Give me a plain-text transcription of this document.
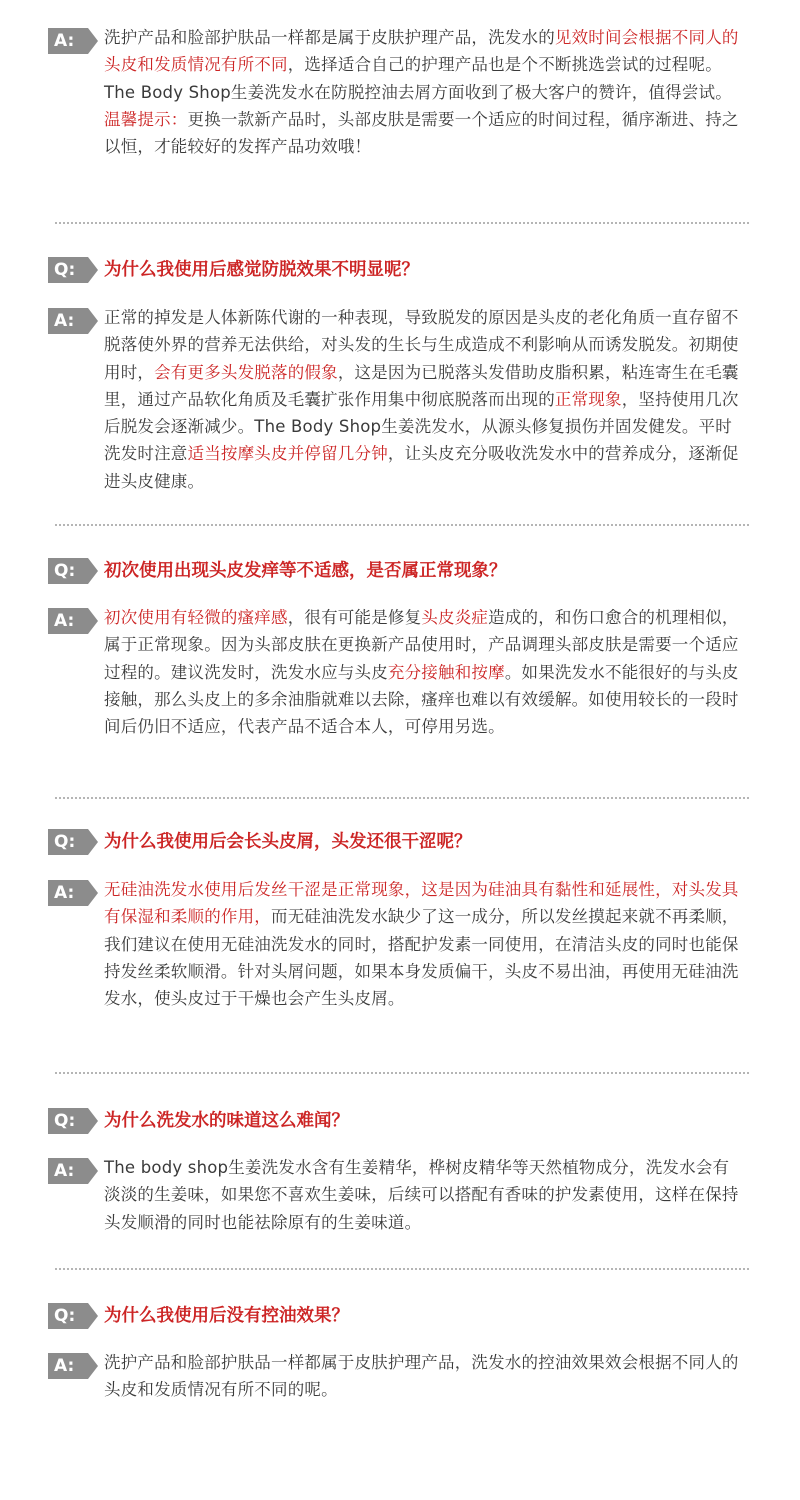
A:	洗护产品和脸部护肤品一样都是属于皮肤护理产品，洗发水的见效时间会根据不同人的头皮和发质情况有所不同，选择适合自己的护理产品也是个不断挑选尝试的过程呢。The Body Shop生姜洗发水在防脱控油去屑方面收到了极大客户的赞许，值得尝试。
温馨提示：更换一款新产品时，头部皮肤是需要一个适应的时间过程，循序渐进、持之以恒，才能较好的发挥产品功效哦！
Q:	为什么我使用后感觉防脱效果不明显呢？
A:	正常的掉发是人体新陈代谢的一种表现，导致脱发的原因是头皮的老化角质一直存留不脱落使外界的营养无法供给，对头发的生长与生成造成不利影响从而诱发脱发。初期使用时，会有更多头发脱落的假象，这是因为已脱落头发借助皮脂积累，粘连寄生在毛囊里，通过产品软化角质及毛囊扩张作用集中彻底脱落而出现的正常现象，坚持使用几次后脱发会逐渐减少。The Body Shop生姜洗发水，从源头修复损伤并固发健发。平时洗发时注意适当按摩头皮并停留几分钟，让头皮充分吸收洗发水中的营养成分，逐渐促进头皮健康。
Q:	初次使用出现头皮发痒等不适感，是否属正常现象？
A:	初次使用有轻微的瘙痒感，很有可能是修复头皮炎症造成的，和伤口愈合的机理相似，属于正常现象。因为头部皮肤在更换新产品使用时，产品调理头部皮肤是需要一个适应过程的。建议洗发时，洗发水应与头皮充分接触和按摩。如果洗发水不能很好的与头皮接触，那么头皮上的多余油脂就难以去除，瘙痒也难以有效缓解。如使用较长的一段时间后仍旧不适应，代表产品不适合本人，可停用另选。
Q:	为什么我使用后会长头皮屑，头发还很干涩呢？
A:	无硅油洗发水使用后发丝干涩是正常现象，这是因为硅油具有黏性和延展性，对头发具有保湿和柔顺的作用，而无硅油洗发水缺少了这一成分，所以发丝摸起来就不再柔顺，我们建议在使用无硅油洗发水的同时，搭配护发素一同使用，在清洁头皮的同时也能保持发丝柔软顺滑。针对头屑问题，如果本身发质偏干，头皮不易出油，再使用无硅油洗发水，使头皮过于干燥也会产生头皮屑。
Q:	为什么洗发水的味道这么难闻？
A:	The body shop生姜洗发水含有生姜精华，桦树皮精华等天然植物成分，洗发水会有淡淡的生姜味，如果您不喜欢生姜味，后续可以搭配有香味的护发素使用，这样在保持头发顺滑的同时也能祛除原有的生姜味道。
Q:	为什么我使用后没有控油效果？
A:	洗护产品和脸部护肤品一样都属于皮肤护理产品，洗发水的控油效果效会根据不同人的头皮和发质情况有所不同的呢。
